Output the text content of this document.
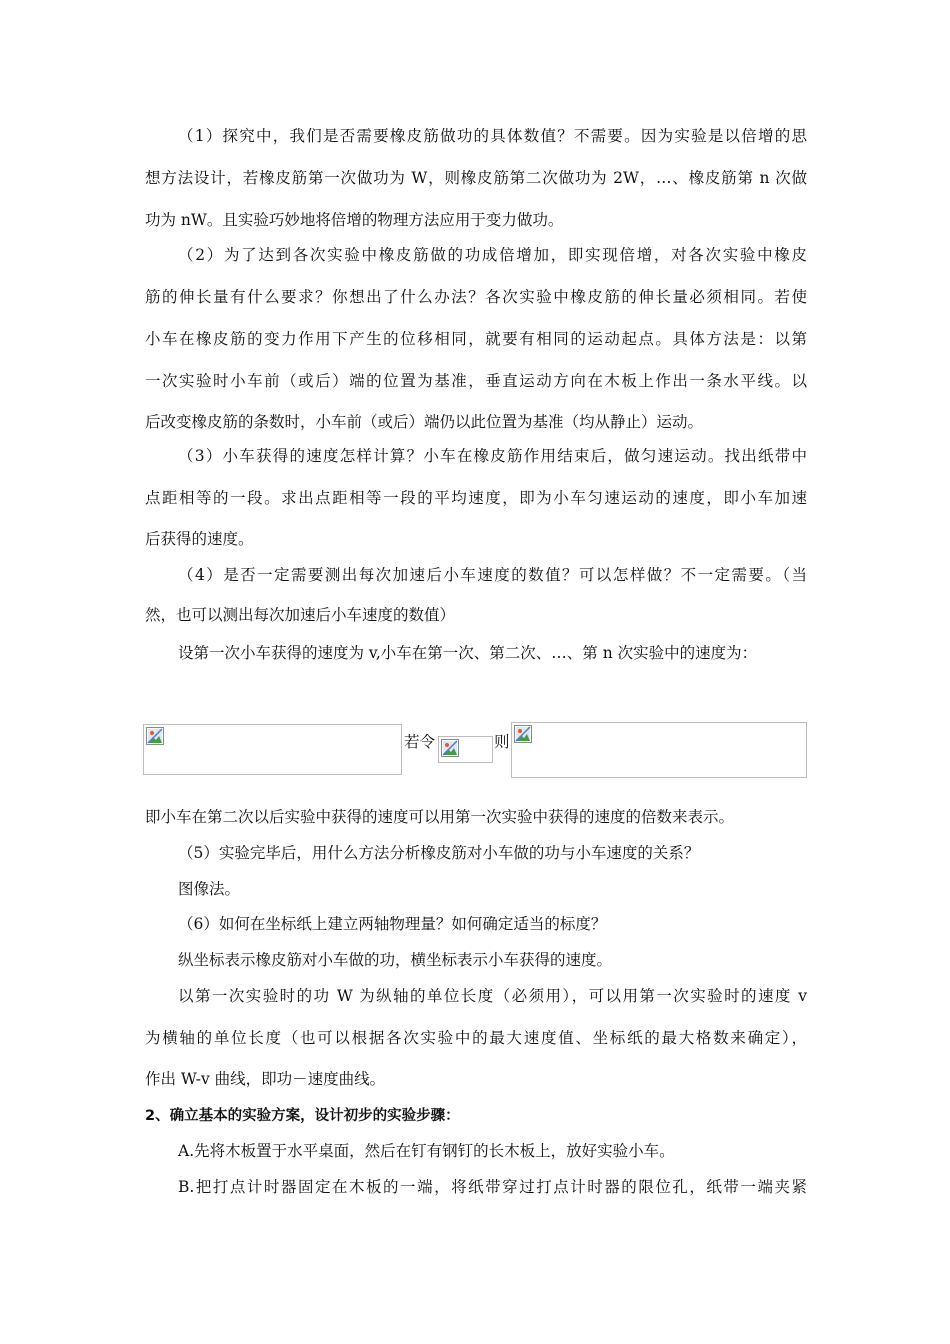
（1）探究中，我们是否需要橡皮筋做功的具体数值？不需要。因为实验是以倍增的思
想方法设计，若橡皮筋第一次做功为 W，则橡皮筋第二次做功为 2W，…、橡皮筋第 n 次做
功为 nW。且实验巧妙地将倍增的物理方法应用于变力做功。
（2）为了达到各次实验中橡皮筋做的功成倍增加，即实现倍增，对各次实验中橡皮
筋的伸长量有什么要求？你想出了什么办法？各次实验中橡皮筋的伸长量必须相同。若使
小车在橡皮筋的变力作用下产生的位移相同，就要有相同的运动起点。具体方法是：以第
一次实验时小车前（或后）端的位置为基准，垂直运动方向在木板上作出一条水平线。以
后改变橡皮筋的条数时，小车前（或后）端仍以此位置为基准（均从静止）运动。
（3）小车获得的速度怎样计算？小车在橡皮筋作用结束后，做匀速运动。找出纸带中
点距相等的一段。求出点距相等一段的平均速度，即为小车匀速运动的速度，即小车加速
后获得的速度。
（4）是否一定需要测出每次加速后小车速度的数值？可以怎样做？不一定需要。（当
然，也可以测出每次加速后小车速度的数值）
设第一次小车获得的速度为 v,小车在第一次、第二次、…、第 n 次实验中的速度为：
若令	则
即小车在第二次以后实验中获得的速度可以用第一次实验中获得的速度的倍数来表示。
（5）实验完毕后，用什么方法分析橡皮筋对小车做的功与小车速度的关系？
图像法。
（6）如何在坐标纸上建立两轴物理量？如何确定适当的标度？
纵坐标表示橡皮筋对小车做的功，横坐标表示小车获得的速度。
以第一次实验时的功 W 为纵轴的单位长度（必须用），可以用第一次实验时的速度 v
为横轴的单位长度（也可以根据各次实验中的最大速度值、坐标纸的最大格数来确定），
作出 W-v 曲线，即功－速度曲线。
2、确立基本的实验方案，设计初步的实验步骤：
A.先将木板置于水平桌面，然后在钉有钢钉的长木板上，放好实验小车。
B.把打点计时器固定在木板的一端，将纸带穿过打点计时器的限位孔，纸带一端夹紧
